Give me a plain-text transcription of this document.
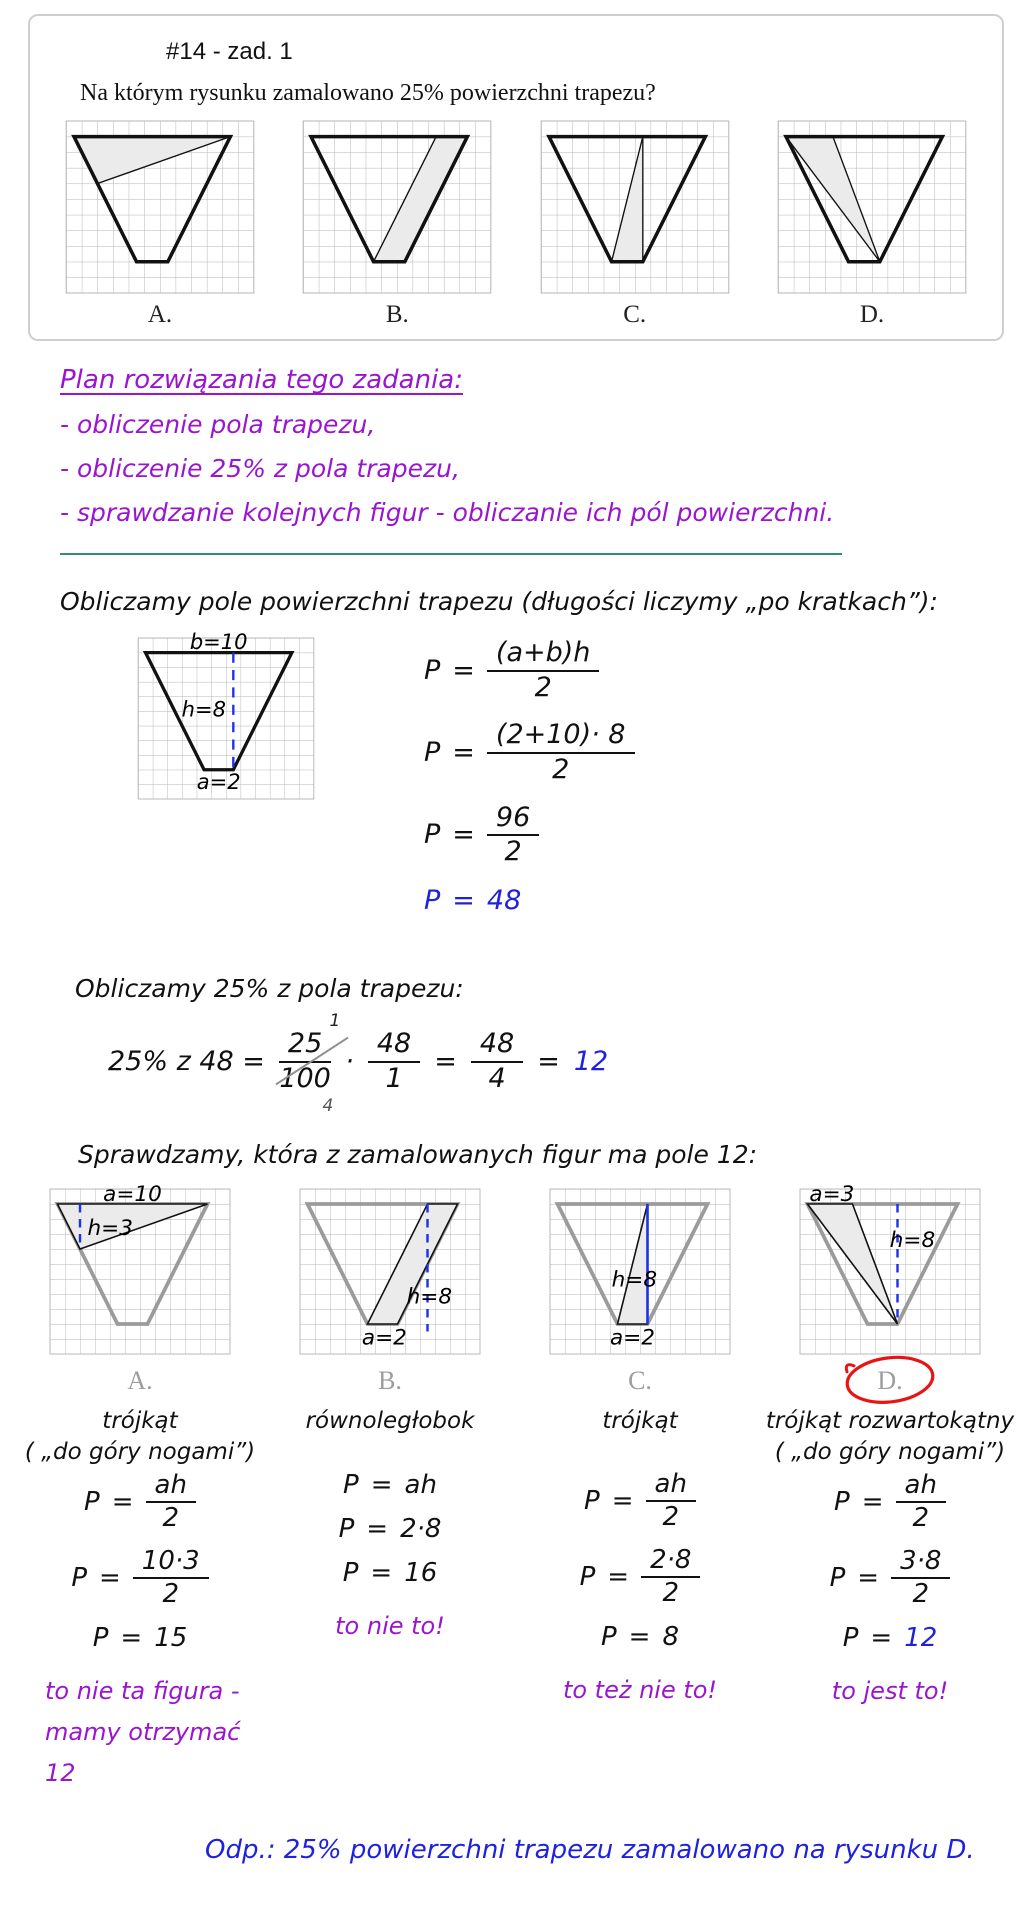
#14 - zad. 1
Na którym rysunku zamalowano 25% powierzchni trapezu?
A.	B.	C.	D.
Plan rozwiązania tego zadania:
- obliczenie pola trapezu,
- obliczenie 25% z pola trapezu,
- sprawdzanie kolejnych figur - obliczanie ich pól powierzchni.
Obliczamy pole powierzchni trapezu (długości liczymy „po kratkach”):
b=10
h=8
a=2
$P = \frac{(a+b)h}{2}$
$P = \frac{(2+10)\cdot 8}{2}$
$P = \frac{96}{2}$
P = 48
Obliczamy 25% z pola trapezu:
25% z 48 =
1
4
25
100
· $\frac{48}{1} = \frac{48}{4} = 12$
Sprawdzamy, która z zamalowanych figur ma pole 12:
a=10
h=3
A.
trójkąt
( „do góry nogami”)
$P = \frac{ah}{2}$
$P = \frac{10\cdot 3}{2}$
P = 15
to nie ta figura -
mamy otrzymać 12
h=8
a=2
B.
równoległobok
P = ah
P = 2·8
P = 16
to nie to!
h=8
a=2
C.
trójkąt
$P = \frac{ah}{2}$
$P = \frac{2\cdot 8}{2}$
P = 8
to też nie to!
a=3
h=8
D.
trójkąt rozwartokątny
( „do góry nogami”)
$P = \frac{ah}{2}$
$P = \frac{3\cdot 8}{2}$
P = 12
to jest to!
Odp.: 25% powierzchni trapezu zamalowano na rysunku D.
